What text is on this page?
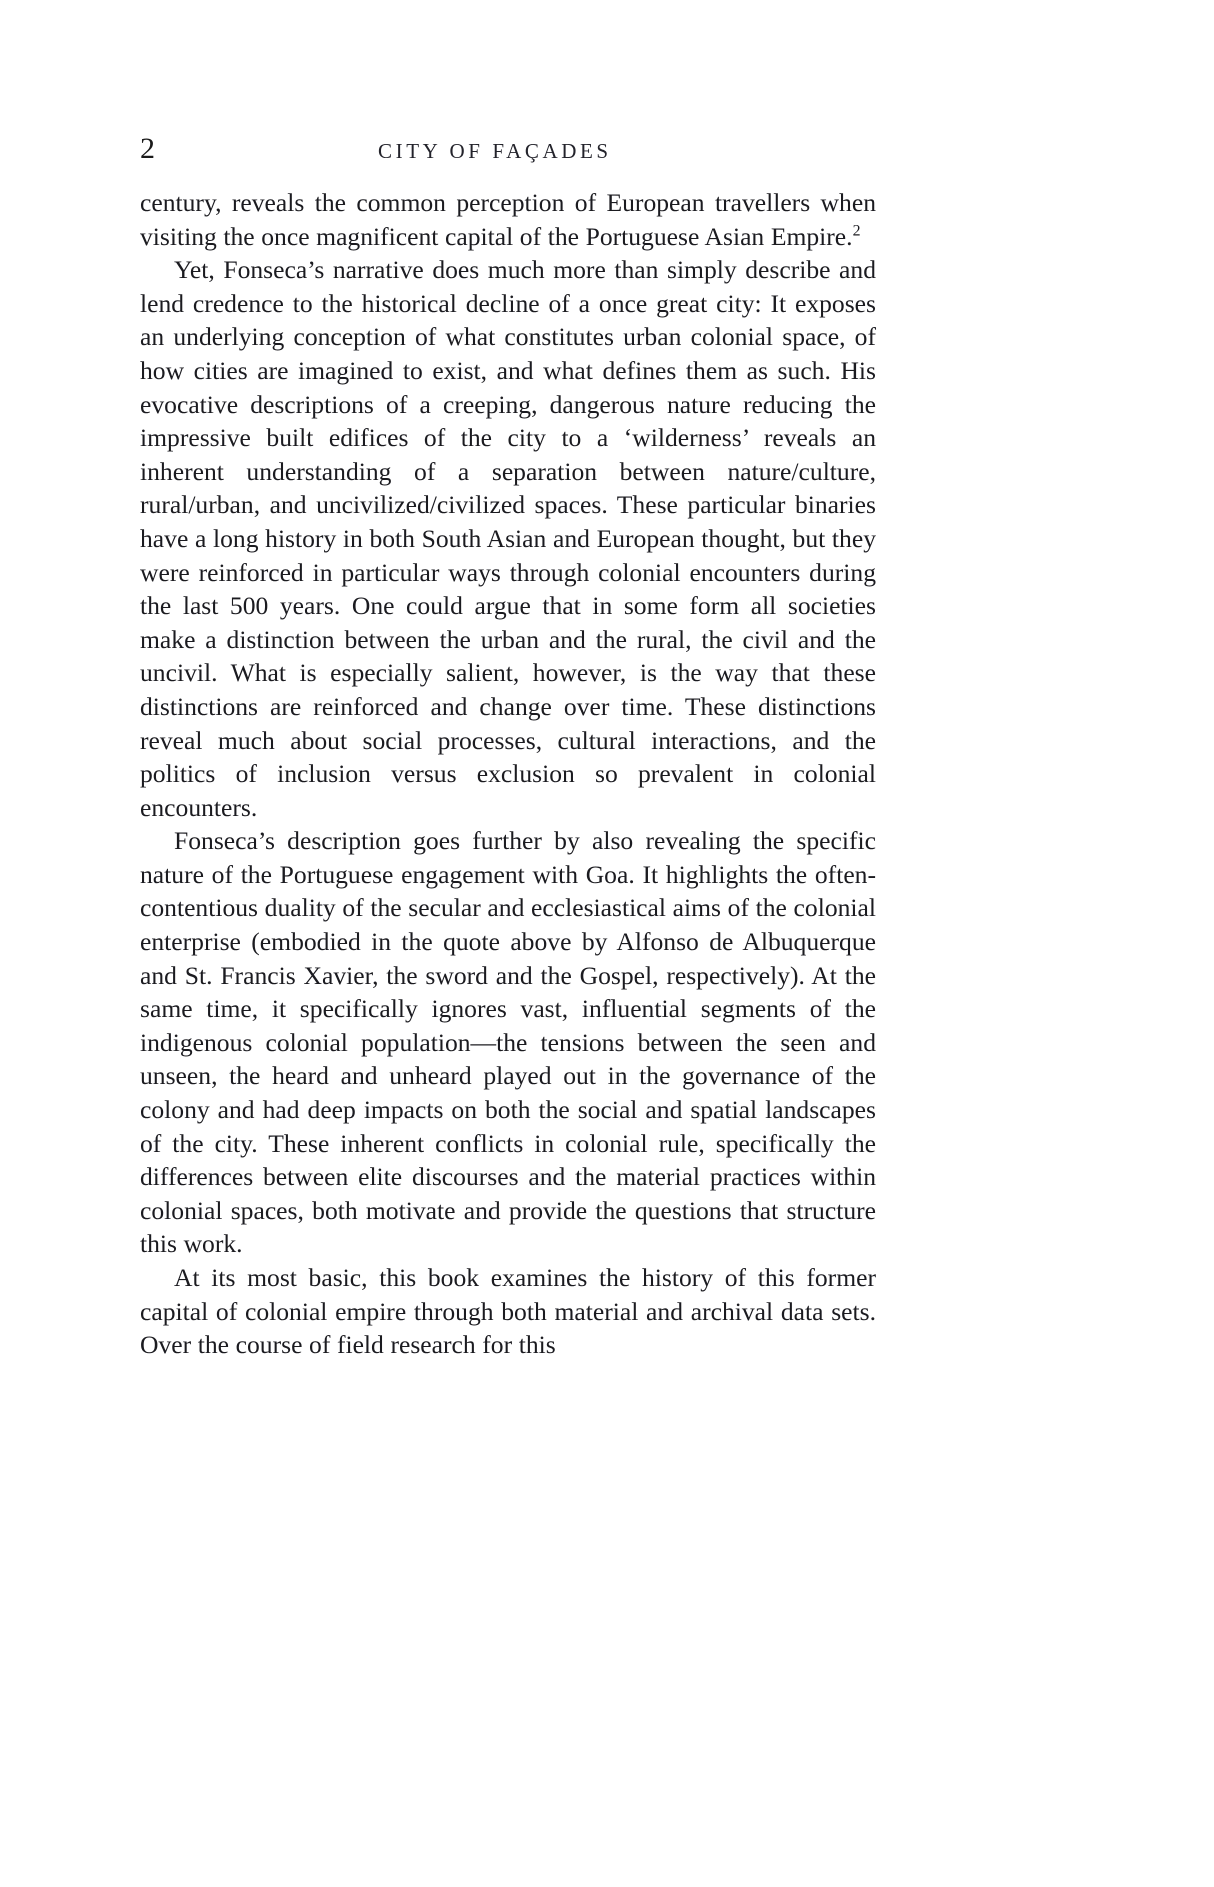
2	CITY OF FAÇADES

century, reveals the common perception of European travellers when visiting the once magnificent capital of the Portuguese Asian Empire.$^2$

Yet, Fonseca’s narrative does much more than simply describe and lend credence to the historical decline of a once great city: It exposes an underlying conception of what constitutes urban colonial space, of how cities are imagined to exist, and what defines them as such. His evocative descriptions of a creeping, dangerous nature reducing the impressive built edifices of the city to a ‘wilderness’ reveals an inherent understanding of a separation between nature/culture, rural/urban, and uncivilized/civilized spaces. These particular binaries have a long history in both South Asian and European thought, but they were reinforced in particular ways through colonial encounters during the last 500 years. One could argue that in some form all societies make a distinction between the urban and the rural, the civil and the uncivil. What is especially salient, however, is the way that these distinctions are reinforced and change over time. These distinctions reveal much about social processes, cultural interactions, and the politics of inclusion versus exclusion so prevalent in colonial encounters.

Fonseca’s description goes further by also revealing the specific nature of the Portuguese engagement with Goa. It highlights the often-contentious duality of the secular and ecclesiastical aims of the colonial enterprise (embodied in the quote above by Alfonso de Albuquerque and St. Francis Xavier, the sword and the Gospel, respectively). At the same time, it specifically ignores vast, influential segments of the indigenous colonial population—the tensions between the seen and unseen, the heard and unheard played out in the governance of the colony and had deep impacts on both the social and spatial landscapes of the city. These inherent conflicts in colonial rule, specifically the differences between elite discourses and the material practices within colonial spaces, both motivate and provide the questions that structure this work.

At its most basic, this book examines the history of this former capital of colonial empire through both material and archival data sets. Over the course of field research for this
